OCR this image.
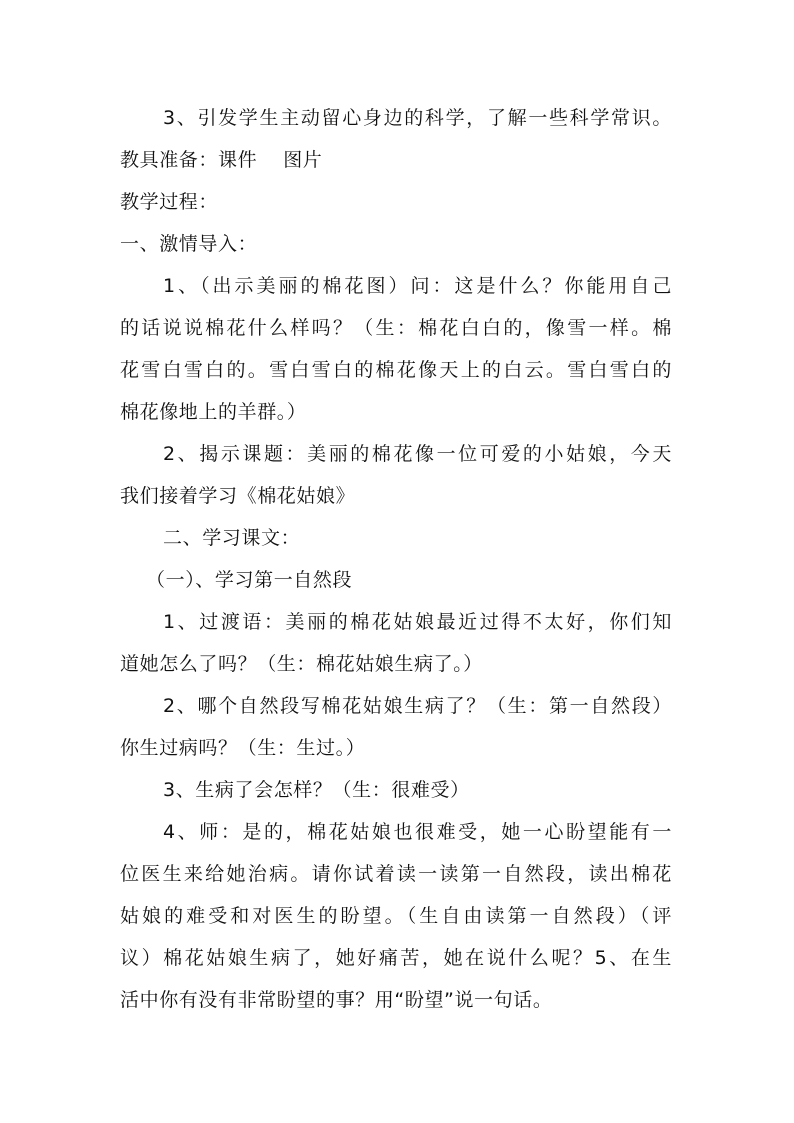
3、引发学生主动留心身边的科学，了解一些科学常识。
教具准备：课件 图片
教学过程：
一、激情导入：
1、（出示美丽的棉花图）问：这是什么？你能用自己
的话说说棉花什么样吗？（生：棉花白白的，像雪一样。棉
花雪白雪白的。雪白雪白的棉花像天上的白云。雪白雪白的
棉花像地上的羊群。）
2、揭示课题：美丽的棉花像一位可爱的小姑娘，今天
我们接着学习《棉花姑娘》
二、学习课文：
（一）、学习第一自然段
1、过渡语：美丽的棉花姑娘最近过得不太好，你们知
道她怎么了吗？（生：棉花姑娘生病了。）
2、哪个自然段写棉花姑娘生病了？（生：第一自然段）
你生过病吗？（生：生过。）
3、生病了会怎样？（生：很难受）
4、师：是的，棉花姑娘也很难受，她一心盼望能有一
位医生来给她治病。请你试着读一读第一自然段，读出棉花
姑娘的难受和对医生的盼望。（生自由读第一自然段）（评
议）棉花姑娘生病了，她好痛苦，她在说什么呢？5、在生
活中你有没有非常盼望的事？用“盼望”说一句话。
